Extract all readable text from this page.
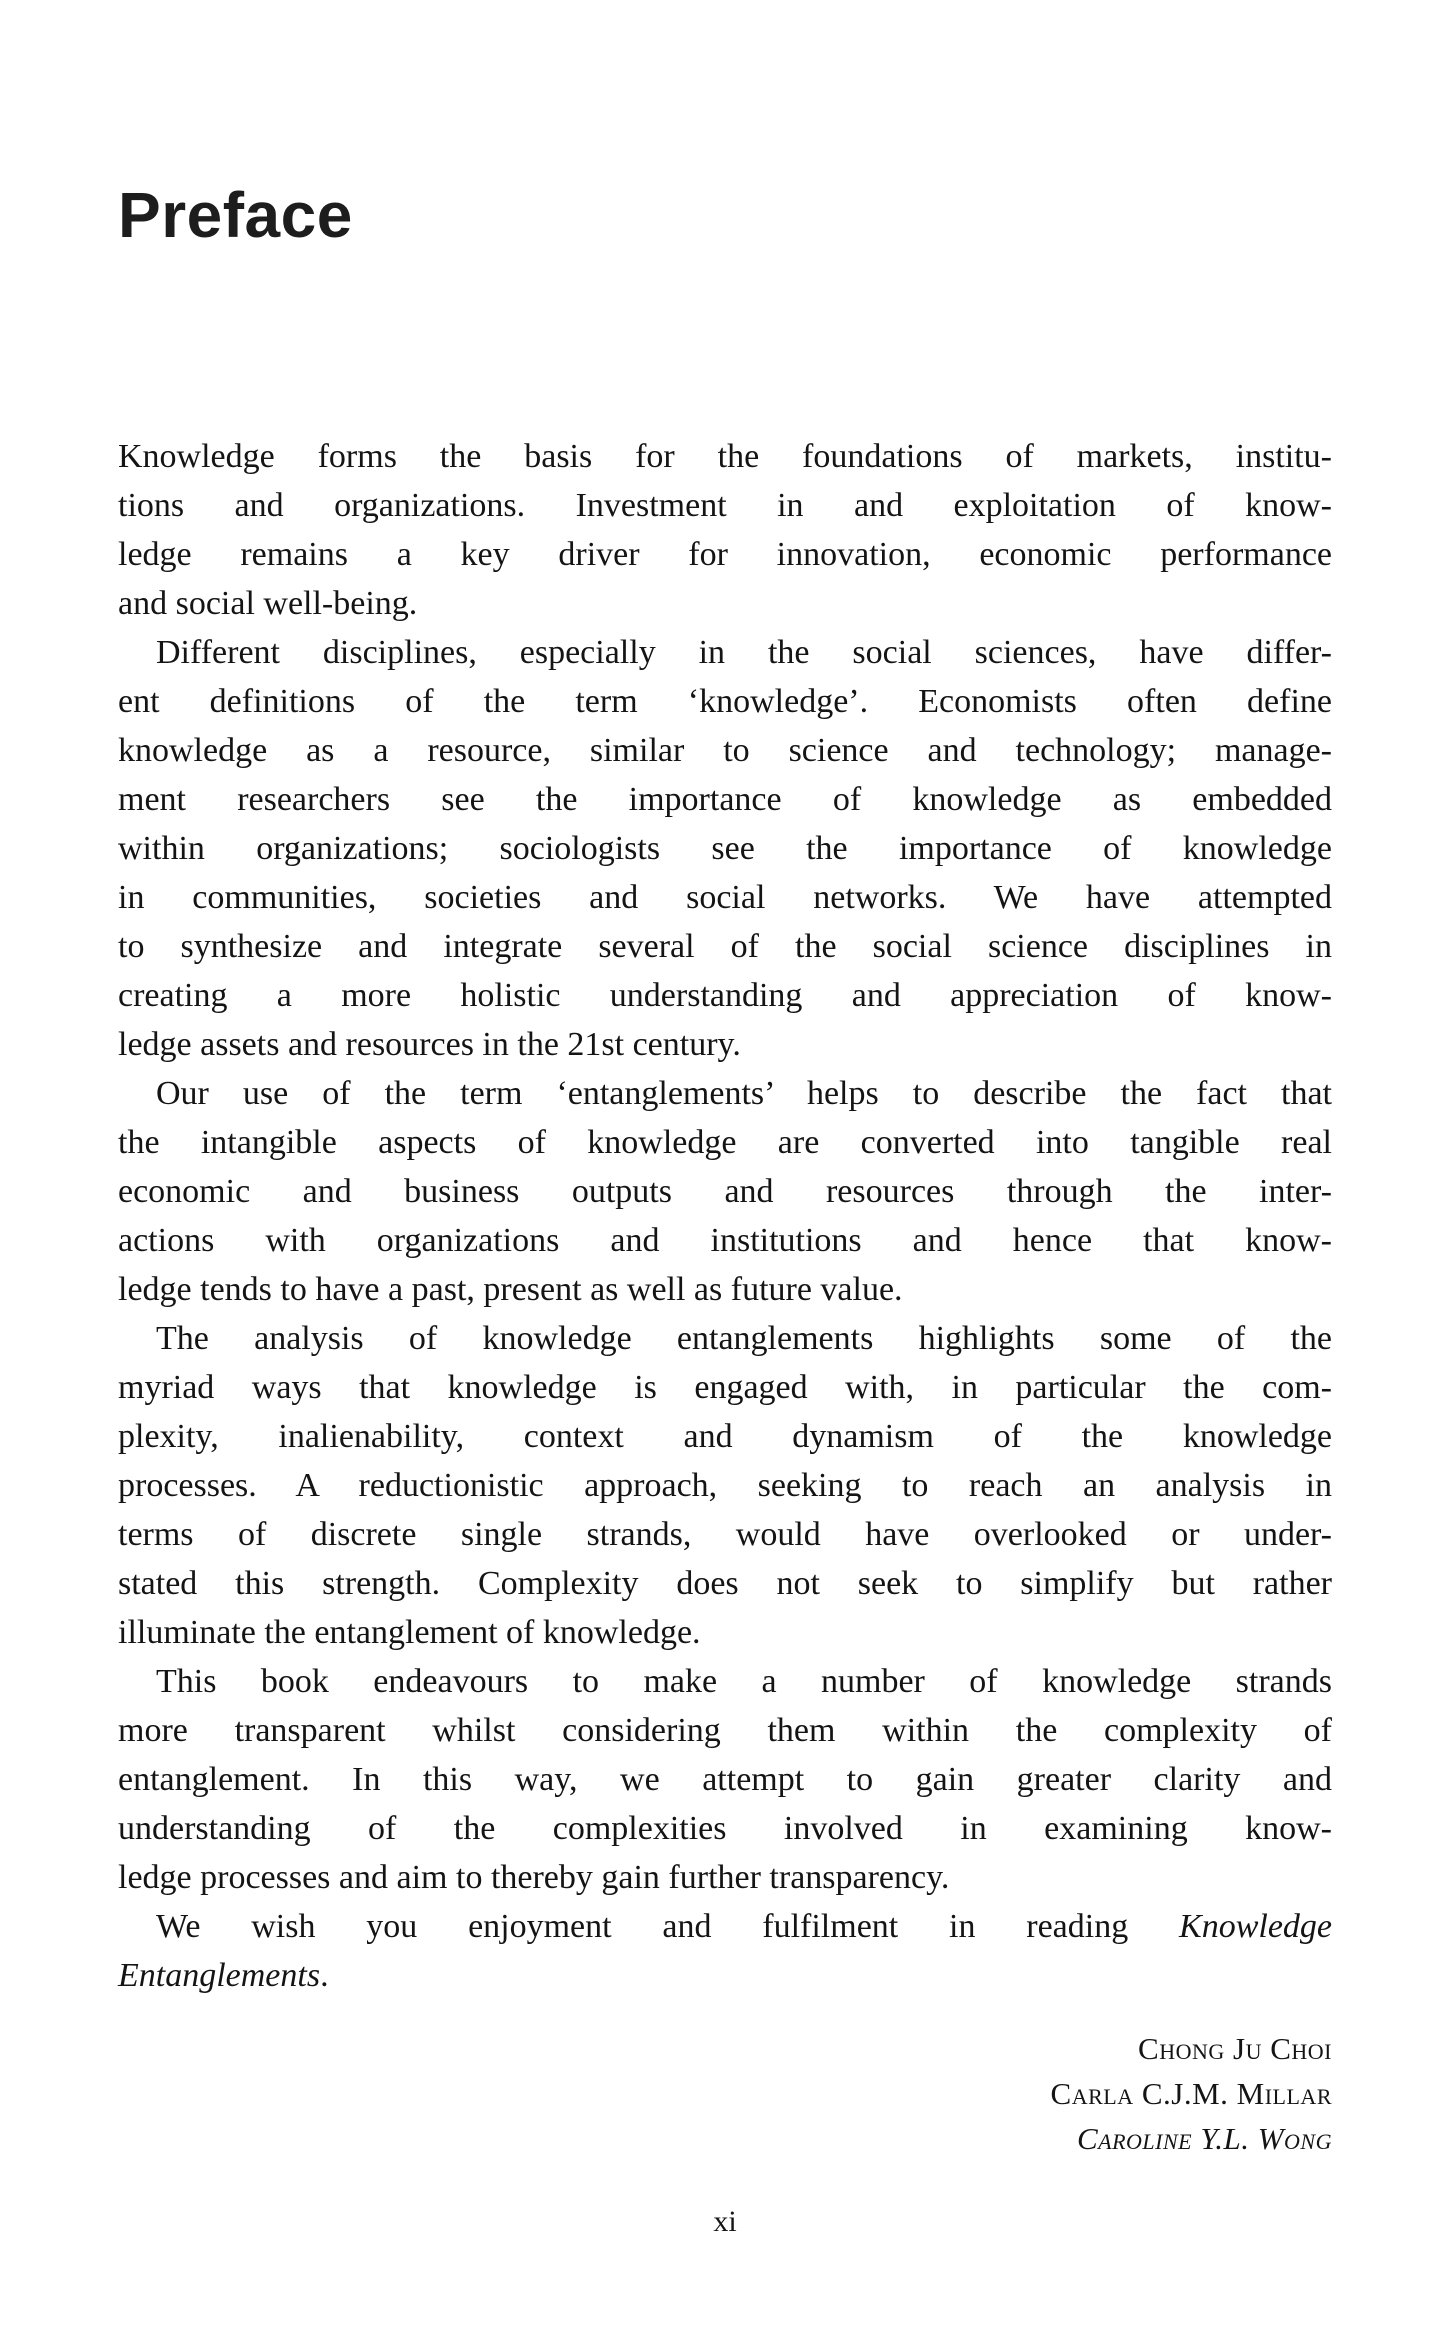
Preface
Knowledge forms the basis for the foundations of markets, institu-
tions and organizations. Investment in and exploitation of know-
ledge remains a key driver for innovation, economic performance
and social well-being.
Different disciplines, especially in the social sciences, have differ-
ent definitions of the term ‘knowledge’. Economists often define
knowledge as a resource, similar to science and technology; manage-
ment researchers see the importance of knowledge as embedded
within organizations; sociologists see the importance of knowledge
in communities, societies and social networks. We have attempted
to synthesize and integrate several of the social science disciplines in
creating a more holistic understanding and appreciation of know-
ledge assets and resources in the 21st century.
Our use of the term ‘entanglements’ helps to describe the fact that
the intangible aspects of knowledge are converted into tangible real
economic and business outputs and resources through the inter-
actions with organizations and institutions and hence that know-
ledge tends to have a past, present as well as future value.
The analysis of knowledge entanglements highlights some of the
myriad ways that knowledge is engaged with, in particular the com-
plexity, inalienability, context and dynamism of the knowledge
processes. A reductionistic approach, seeking to reach an analysis in
terms of discrete single strands, would have overlooked or under-
stated this strength. Complexity does not seek to simplify but rather
illuminate the entanglement of knowledge.
This book endeavours to make a number of knowledge strands
more transparent whilst considering them within the complexity of
entanglement. In this way, we attempt to gain greater clarity and
understanding of the complexities involved in examining know-
ledge processes and aim to thereby gain further transparency.
We wish you enjoyment and fulfilment in reading Knowledge
Entanglements.
Chong Ju Choi
Carla C.J.M. Millar
Caroline Y.L. Wong
xi
